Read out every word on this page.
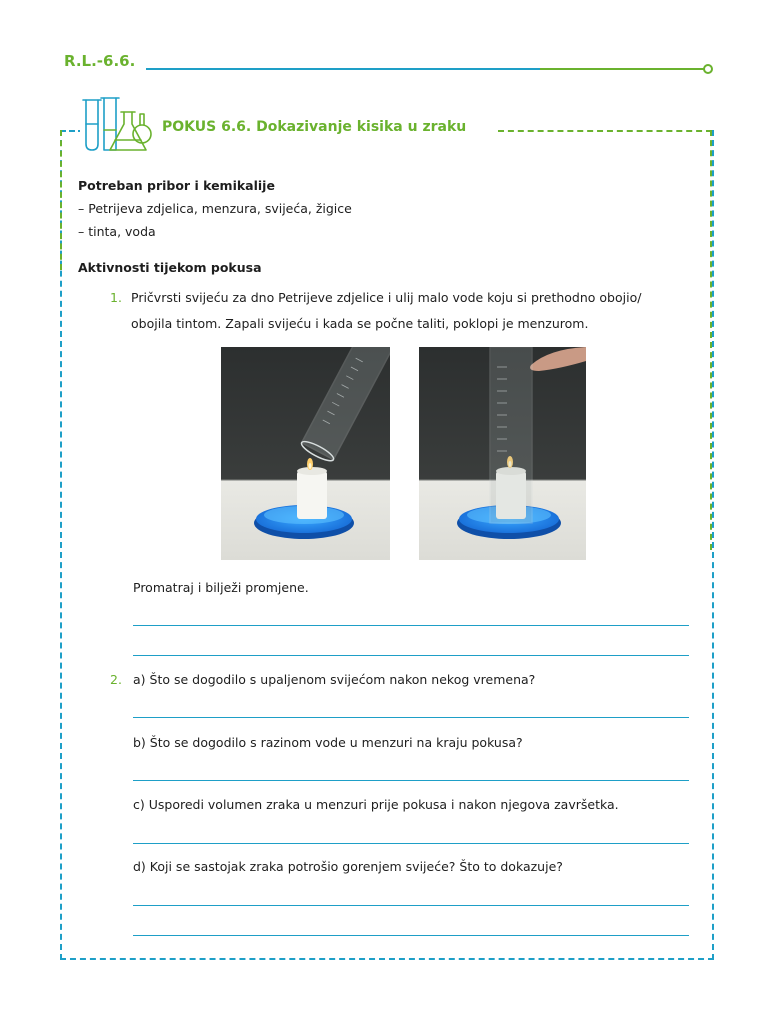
R.L.-6.6.
POKUS 6.6. Dokazivanje kisika u zraku
Potreban pribor i kemikalije
– Petrijeva zdjelica, menzura, svijeća, žigice
– tinta, voda
Aktivnosti tijekom pokusa
1. Pričvrsti svijeću za dno Petrijeve zdjelice i ulij malo vode koju si prethodno obojio/
obojila tintom. Zapali svijeću i kada se počne taliti, poklopi je menzurom.
Promatraj i bilježi promjene.
2. a) Što se dogodilo s upaljenom svijećom nakon nekog vremena?
b) Što se dogodilo s razinom vode u menzuri na kraju pokusa?
c) Usporedi volumen zraka u menzuri prije pokusa i nakon njegova završetka.
d) Koji se sastojak zraka potrošio gorenjem svijeće? Što to dokazuje?
